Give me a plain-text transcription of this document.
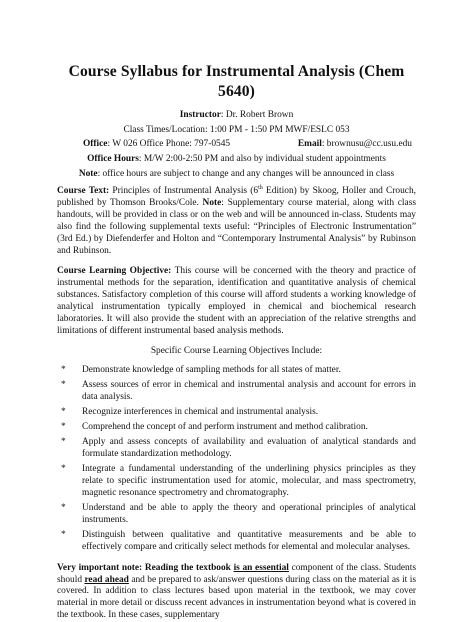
Course Syllabus for Instrumental Analysis (Chem 5640)
Instructor: Dr. Robert Brown
Class Times/Location: 1:00 PM - 1:50 PM MWF/ESLC 053
Office: W 026 Office Phone: 797-0545	Email: brownusu@cc.usu.edu
Office Hours: M/W 2:00-2:50 PM and also by individual student appointments
Note: office hours are subject to change and any changes will be announced in class
Course Text: Principles of Instrumental Analysis (6th Edition) by Skoog, Holler and Crouch, published by Thomson Brooks/Cole. Note: Supplementary course material, along with class handouts, will be provided in class or on the web and will be announced in-class. Students may also find the following supplemental texts useful: “Principles of Electronic Instrumentation” (3rd Ed.) by Diefenderfer and Holton and “Contemporary Instrumental Analysis” by Rubinson and Rubinson.
Course Learning Objective: This course will be concerned with the theory and practice of instrumental methods for the separation, identification and quantitative analysis of chemical substances. Satisfactory completion of this course will afford students a working knowledge of analytical instrumentation typically employed in chemical and biochemical research laboratories. It will also provide the student with an appreciation of the relative strengths and limitations of different instrumental based analysis methods.
Specific Course Learning Objectives Include:
* Demonstrate knowledge of sampling methods for all states of matter.
* Assess sources of error in chemical and instrumental analysis and account for errors in data analysis.
* Recognize interferences in chemical and instrumental analysis.
* Comprehend the concept of and perform instrument and method calibration.
* Apply and assess concepts of availability and evaluation of analytical standards and formulate standardization methodology.
* Integrate a fundamental understanding of the underlining physics principles as they relate to specific instrumentation used for atomic, molecular, and mass spectrometry, magnetic resonance spectrometry and chromatography.
* Understand and be able to apply the theory and operational principles of analytical instruments.
* Distinguish between qualitative and quantitative measurements and be able to effectively compare and critically select methods for elemental and molecular analyses.
Very important note: Reading the textbook is an essential component of the class. Students should read ahead and be prepared to ask/answer questions during class on the material as it is covered. In addition to class lectures based upon material in the textbook, we may cover material in more detail or discuss recent advances in instrumentation beyond what is covered in the textbook. In these cases, supplementary
